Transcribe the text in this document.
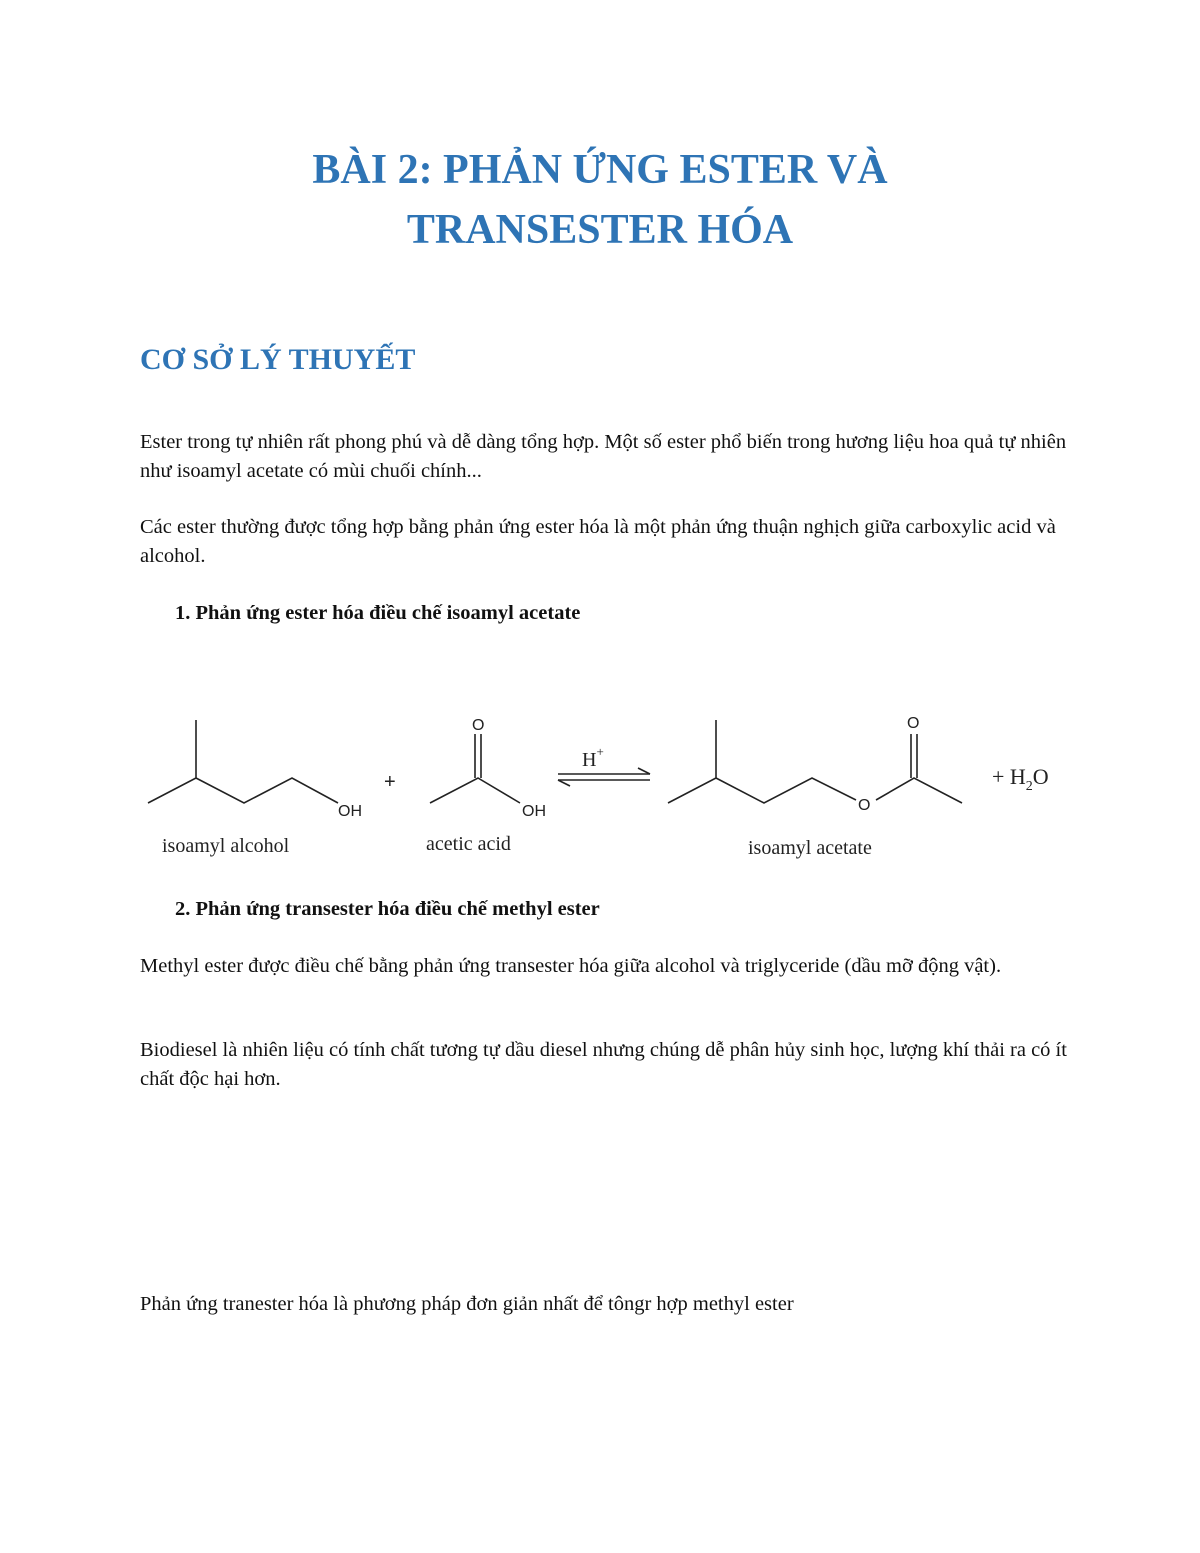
BÀI 2: PHẢN ỨNG ESTER VÀ
TRANSESTER HÓA
CƠ SỞ LÝ THUYẾT

Ester trong tự nhiên rất phong phú và dễ dàng tổng hợp. Một số ester phổ biến trong hương liệu hoa quả tự nhiên như isoamyl acetate có mùi chuối chính...

Các ester thường được tổng hợp bằng phản ứng ester hóa là một phản ứng thuận nghịch giữa carboxylic acid và alcohol.

1. Phản ứng ester hóa điều chế isoamyl acetate

OH
isoamyl alcohol
+
O
OH
acetic acid
H+
O
O
isoamyl acetate
+ $H_2O$

2. Phản ứng transester hóa điều chế methyl ester

Methyl ester được điều chế bằng phản ứng transester hóa giữa alcohol và triglyceride (dầu mỡ động vật).

Biodiesel là nhiên liệu có tính chất tương tự dầu diesel nhưng chúng dễ phân hủy sinh học, lượng khí thải ra có ít chất độc hại hơn.

Phản ứng tranester hóa là phương pháp đơn giản nhất để tôngr hợp methyl ester
